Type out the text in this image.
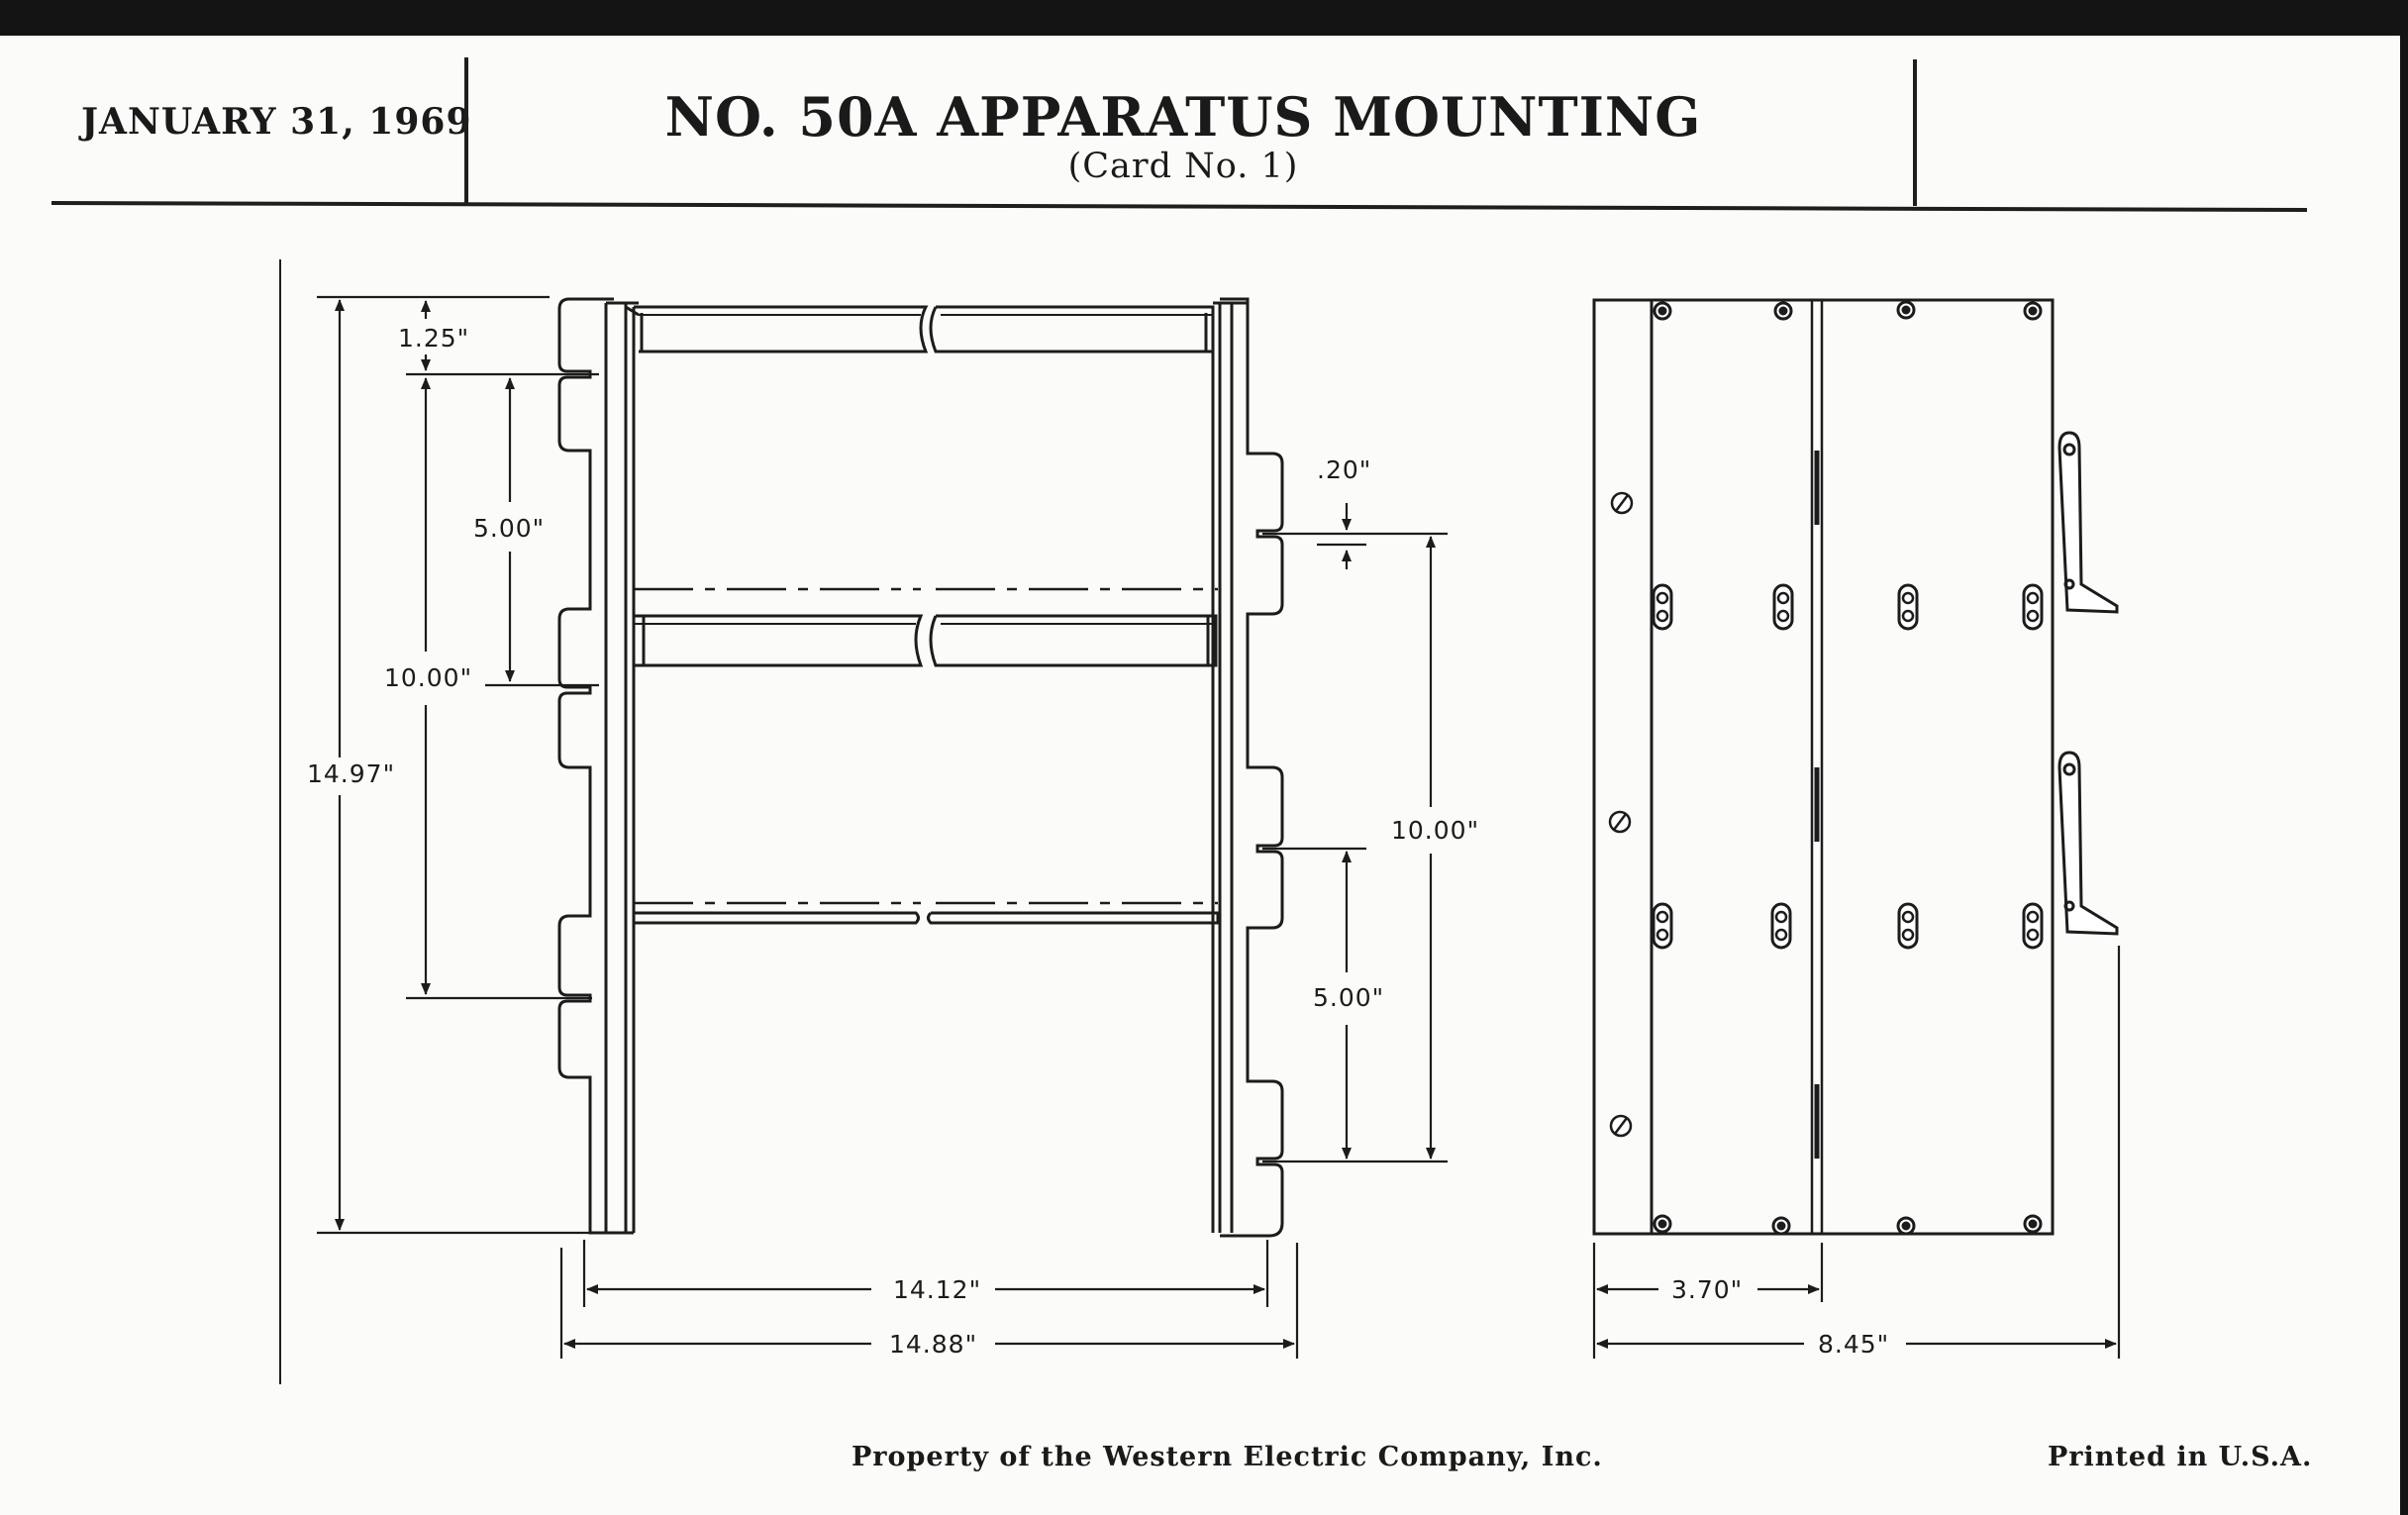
JANUARY 31, 1969	NO. 50A APPARATUS MOUNTING
(Card No. 1)
Property of the Western Electric Company, Inc.	Printed in U.S.A.
1.25"
5.00"
10.00"
14.97"
.20"
10.00"
5.00"
14.12"
14.88"
3.70"
8.45"
